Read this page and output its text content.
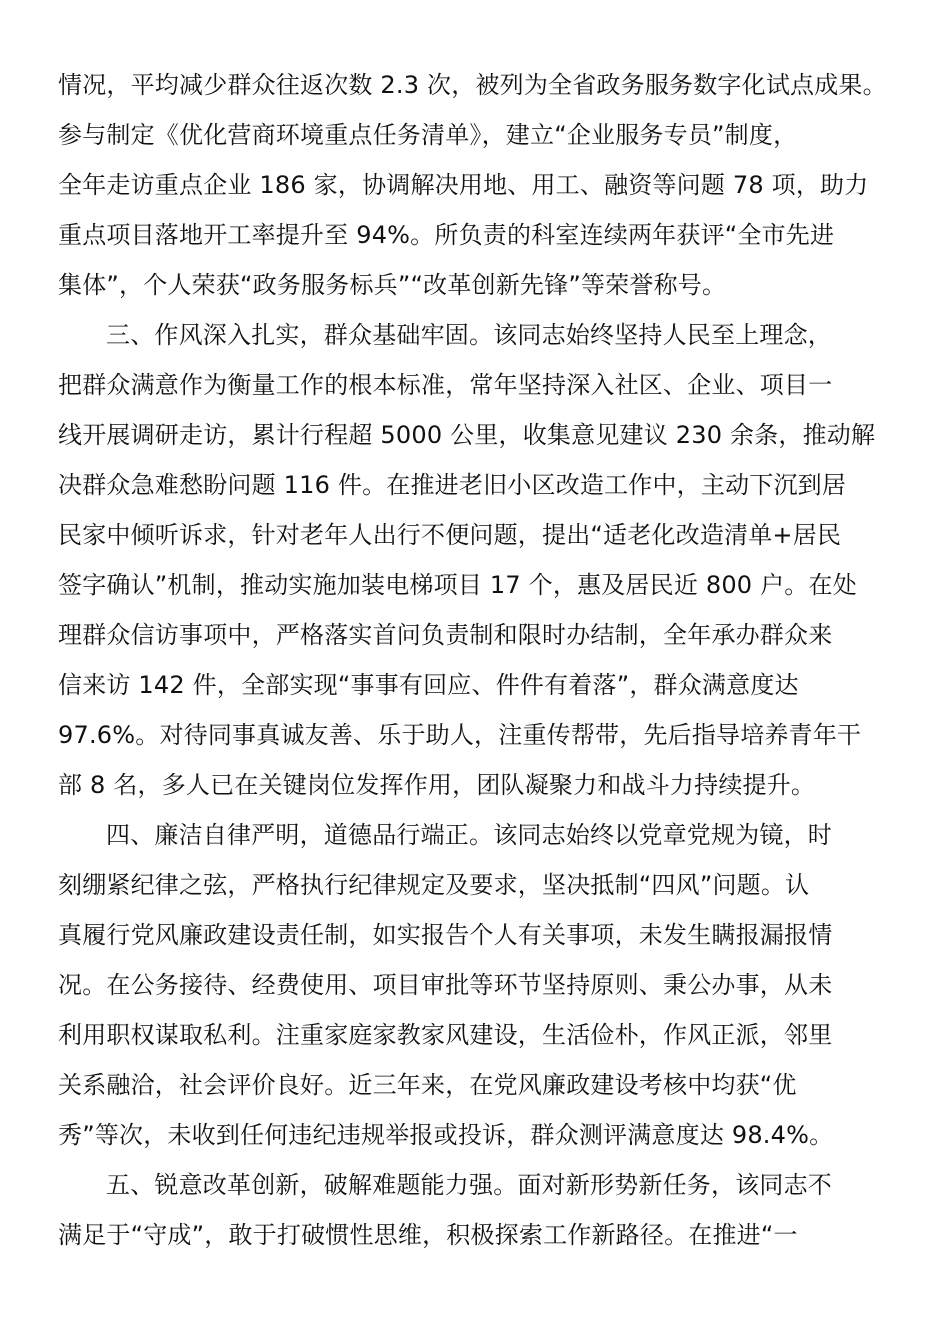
情况，平均减少群众往返次数 2.3 次，被列为全省政务服务数字化试点成果。
参与制定《优化营商环境重点任务清单》，建立“企业服务专员”制度，
全年走访重点企业 186 家，协调解决用地、用工、融资等问题 78 项，助力
重点项目落地开工率提升至 94%。所负责的科室连续两年获评“全市先进
集体”，个人荣获“政务服务标兵”“改革创新先锋”等荣誉称号。
三、作风深入扎实，群众基础牢固。该同志始终坚持人民至上理念，
把群众满意作为衡量工作的根本标准，常年坚持深入社区、企业、项目一
线开展调研走访，累计行程超 5000 公里，收集意见建议 230 余条，推动解
决群众急难愁盼问题 116 件。在推进老旧小区改造工作中，主动下沉到居
民家中倾听诉求，针对老年人出行不便问题，提出“适老化改造清单+居民
签字确认”机制，推动实施加装电梯项目 17 个，惠及居民近 800 户。在处
理群众信访事项中，严格落实首问负责制和限时办结制，全年承办群众来
信来访 142 件，全部实现“事事有回应、件件有着落”，群众满意度达
97.6%。对待同事真诚友善、乐于助人，注重传帮带，先后指导培养青年干
部 8 名，多人已在关键岗位发挥作用，团队凝聚力和战斗力持续提升。
四、廉洁自律严明，道德品行端正。该同志始终以党章党规为镜，时
刻绷紧纪律之弦，严格执行纪律规定及要求，坚决抵制“四风”问题。认
真履行党风廉政建设责任制，如实报告个人有关事项，未发生瞒报漏报情
况。在公务接待、经费使用、项目审批等环节坚持原则、秉公办事，从未
利用职权谋取私利。注重家庭家教家风建设，生活俭朴，作风正派，邻里
关系融洽，社会评价良好。近三年来，在党风廉政建设考核中均获“优
秀”等次，未收到任何违纪违规举报或投诉，群众测评满意度达 98.4%。
五、锐意改革创新，破解难题能力强。面对新形势新任务，该同志不
满足于“守成”，敢于打破惯性思维，积极探索工作新路径。在推进“一
